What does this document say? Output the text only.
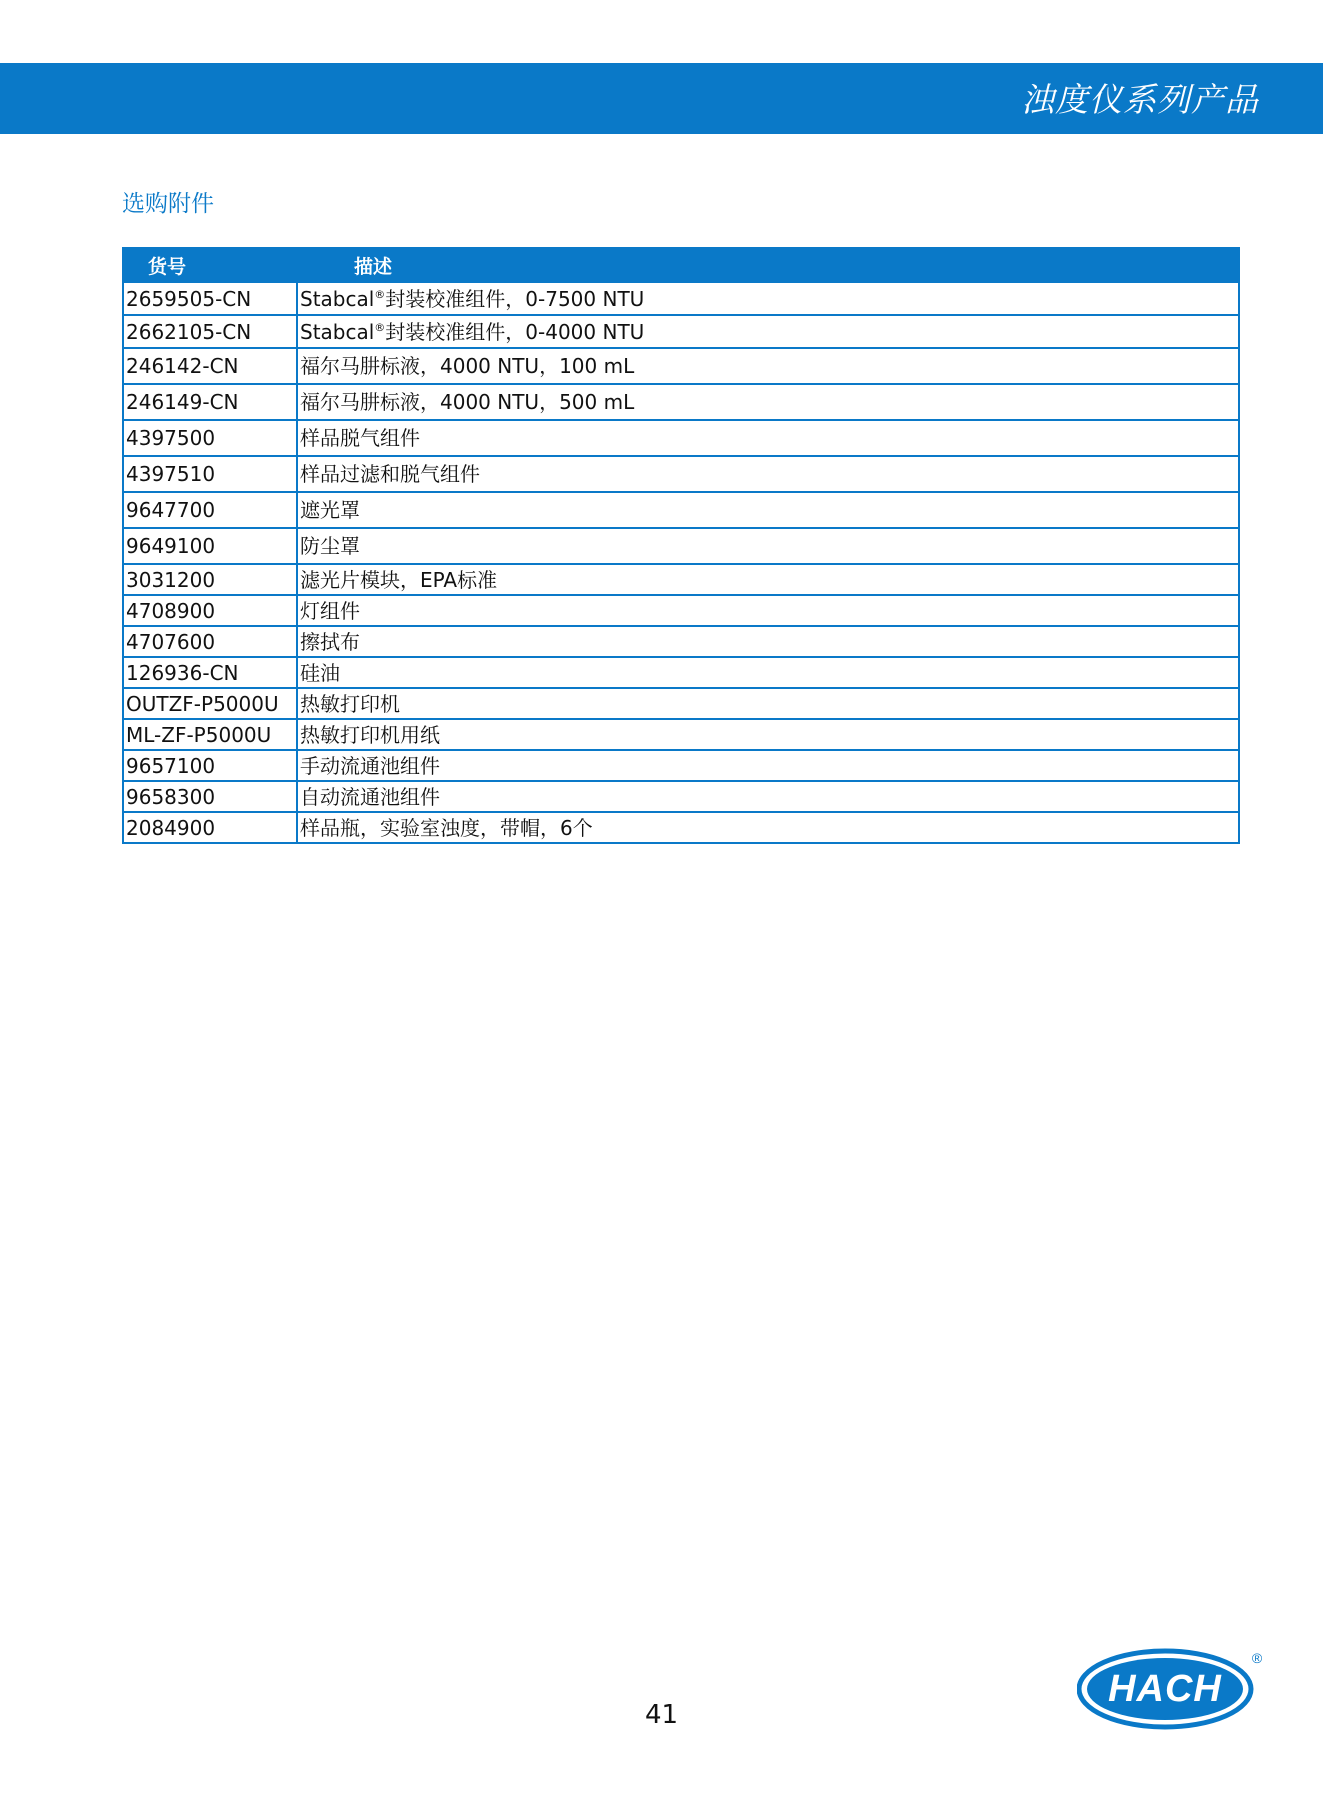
浊度仪系列产品
选购附件
货号	描述
2659505-CN	Stabcal®封装校准组件，0-7500 NTU
2662105-CN	Stabcal®封装校准组件，0-4000 NTU
246142-CN	福尔马肼标液，4000 NTU，100 mL
246149-CN	福尔马肼标液，4000 NTU，500 mL
4397500	样品脱气组件
4397510	样品过滤和脱气组件
9647700	遮光罩
9649100	防尘罩
3031200	滤光片模块，EPA标准
4708900	灯组件
4707600	擦拭布
126936-CN	硅油
OUTZF-P5000U	热敏打印机
ML-ZF-P5000U	热敏打印机用纸
9657100	手动流通池组件
9658300	自动流通池组件
2084900	样品瓶，实验室浊度，带帽，6个
41
HACH
®
